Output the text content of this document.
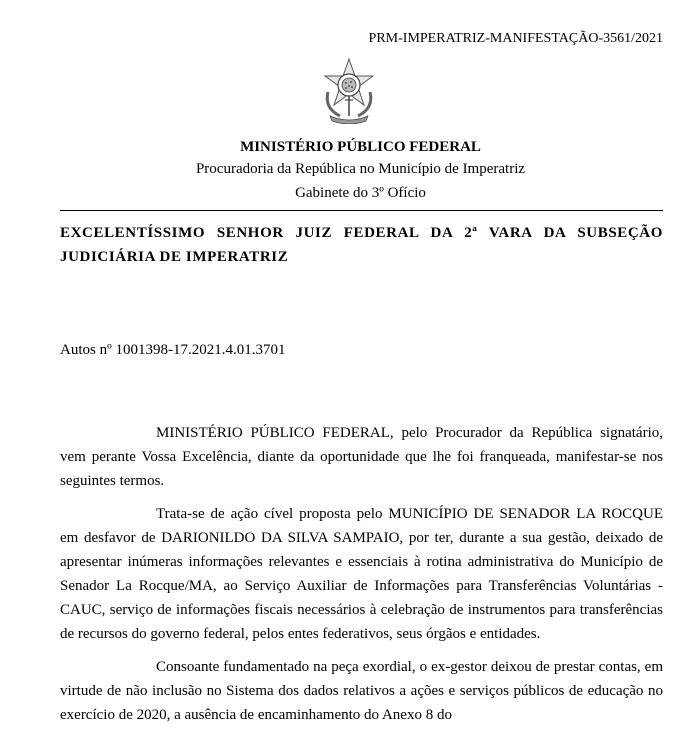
PRM-IMPERATRIZ-MANIFESTAÇÃO-3561/2021
MINISTÉRIO PÚBLICO FEDERAL
Procuradoria da República no Município de Imperatriz
Gabinete do 3º Ofício
EXCELENTÍSSIMO SENHOR JUIZ FEDERAL DA 2ª VARA DA SUBSEÇÃO JUDICIÁRIA DE IMPERATRIZ
Autos nº 1001398-17.2021.4.01.3701

MINISTÉRIO PÚBLICO FEDERAL, pelo Procurador da República signatário, vem perante Vossa Excelência, diante da oportunidade que lhe foi franqueada, manifestar-se nos seguintes termos.

Trata-se de ação cível proposta pelo MUNICÍPIO DE SENADOR LA ROCQUE em desfavor de DARIONILDO DA SILVA SAMPAIO, por ter, durante a sua gestão, deixado de apresentar inúmeras informações relevantes e essenciais à rotina administrativa do Município de Senador La Rocque/MA, ao Serviço Auxiliar de Informações para Transferências Voluntárias - CAUC, serviço de informações fiscais necessários à celebração de instrumentos para transferências de recursos do governo federal, pelos entes federativos, seus órgãos e entidades.

Consoante fundamentado na peça exordial, o ex-gestor deixou de prestar contas, em virtude de não inclusão no Sistema dos dados relativos a ações e serviços públicos de educação no exercício de 2020, a ausência de encaminhamento do Anexo 8 do
